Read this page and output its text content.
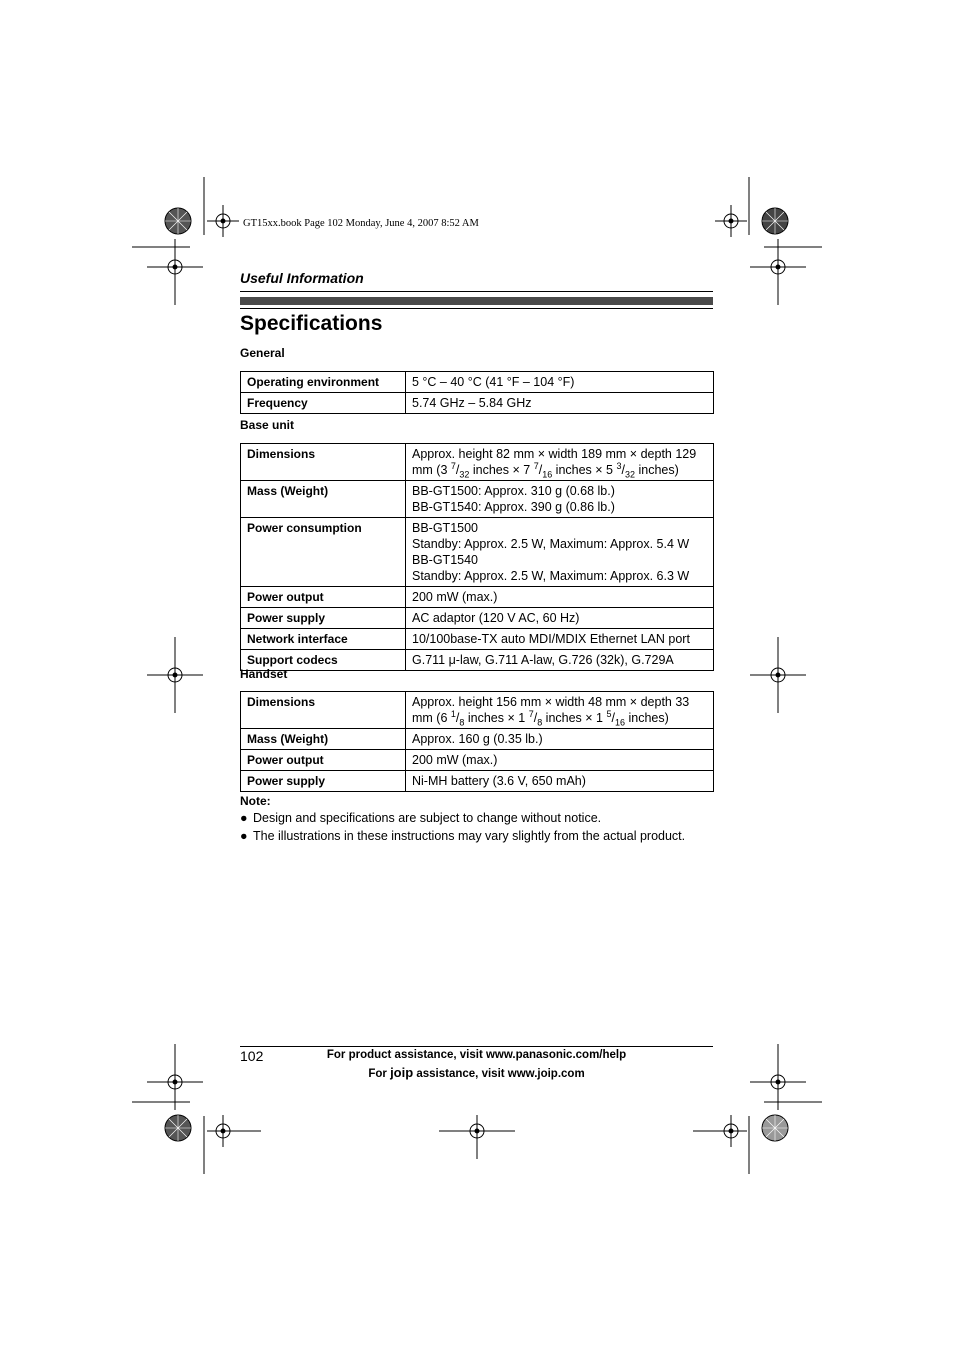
GT15xx.book Page 102 Monday, June 4, 2007 8:52 AM
Useful Information
Specifications
General
Operating environment	5 °C – 40 °C (41 °F – 104 °F)
Frequency	5.74 GHz – 5.84 GHz
Base unit
Dimensions	Approx. height 82 mm × width 189 mm × depth 129
mm (3 $^7/_{32}$ inches × 7 $^7/_{16}$ inches × 5 $^3/_{32}$ inches)
Mass (Weight)	BB-GT1500: Approx. 310 g (0.68 lb.)
BB-GT1540: Approx. 390 g (0.86 lb.)
Power consumption	BB-GT1500
Standby: Approx. 2.5 W, Maximum: Approx. 5.4 W
BB-GT1540
Standby: Approx. 2.5 W, Maximum: Approx. 6.3 W
Power output	200 mW (max.)
Power supply	AC adaptor (120 V AC, 60 Hz)
Network interface	10/100base-TX auto MDI/MDIX Ethernet LAN port
Support codecs	G.711 μ-law, G.711 A-law, G.726 (32k), G.729A
Handset
Dimensions	Approx. height 156 mm × width 48 mm × depth 33
mm (6 $^1/_8$ inches × 1 $^7/_8$ inches × 1 $^5/_{16}$ inches)
Mass (Weight)	Approx. 160 g (0.35 lb.)
Power output	200 mW (max.)
Power supply	Ni-MH battery (3.6 V, 650 mAh)
Note:
● Design and specifications are subject to change without notice.
● The illustrations in these instructions may vary slightly from the actual product.
102	For product assistance, visit www.panasonic.com/help
For joip assistance, visit www.joip.com
